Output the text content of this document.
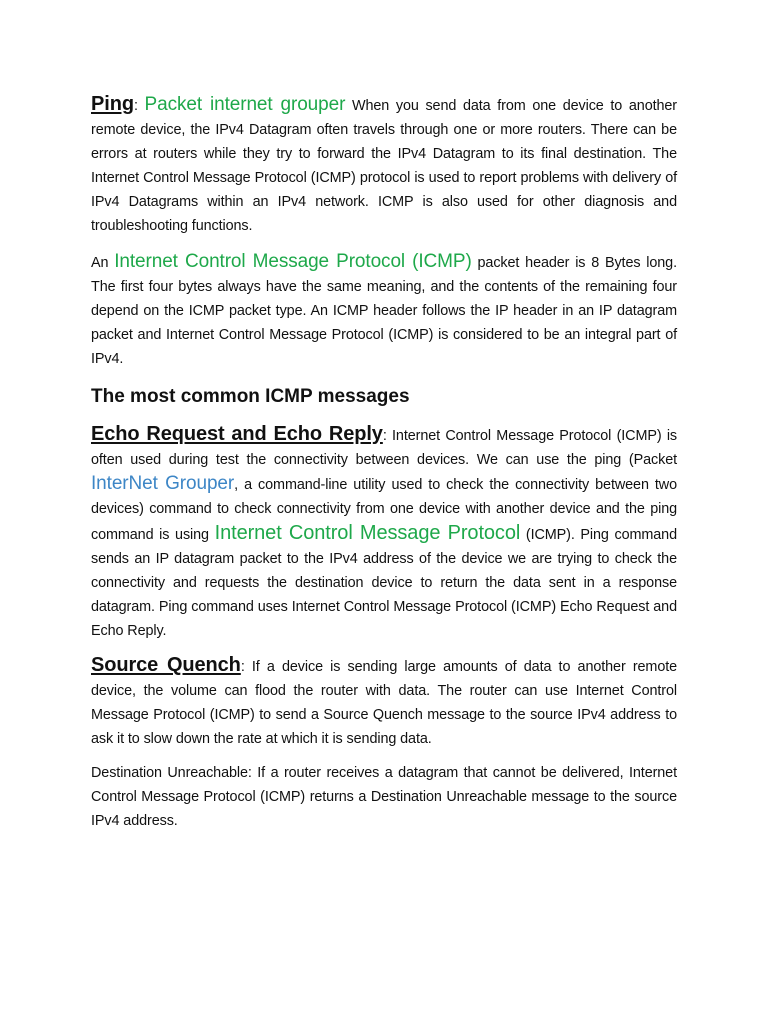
Ping: Packet internet grouper When you send data from one device to another remote device, the IPv4 Datagram often travels through one or more routers. There can be errors at routers while they try to forward the IPv4 Datagram to its final destination. The Internet Control Message Protocol (ICMP) protocol is used to report problems with delivery of IPv4 Datagrams within an IPv4 network. ICMP is also used for other diagnosis and troubleshooting functions.

An Internet Control Message Protocol (ICMP) packet header is 8 Bytes long. The first four bytes always have the same meaning, and the contents of the remaining four depend on the ICMP packet type. An ICMP header follows the IP header in an IP datagram packet and Internet Control Message Protocol (ICMP) is considered to be an integral part of IPv4.

The most common ICMP messages

Echo Request and Echo Reply: Internet Control Message Protocol (ICMP) is often used during test the connectivity between devices. We can use the ping (Packet InterNet Grouper, a command-line utility used to check the connectivity between two devices) command to check connectivity from one device with another device and the ping command is using Internet Control Message Protocol (ICMP). Ping command sends an IP datagram packet to the IPv4 address of the device we are trying to check the connectivity and requests the destination device to return the data sent in a response datagram. Ping command uses Internet Control Message Protocol (ICMP) Echo Request and Echo Reply.

Source Quench: If a device is sending large amounts of data to another remote device, the volume can flood the router with data. The router can use Internet Control Message Protocol (ICMP) to send a Source Quench message to the source IPv4 address to ask it to slow down the rate at which it is sending data.

Destination Unreachable: If a router receives a datagram that cannot be delivered, Internet Control Message Protocol (ICMP) returns a Destination Unreachable message to the source IPv4 address.
